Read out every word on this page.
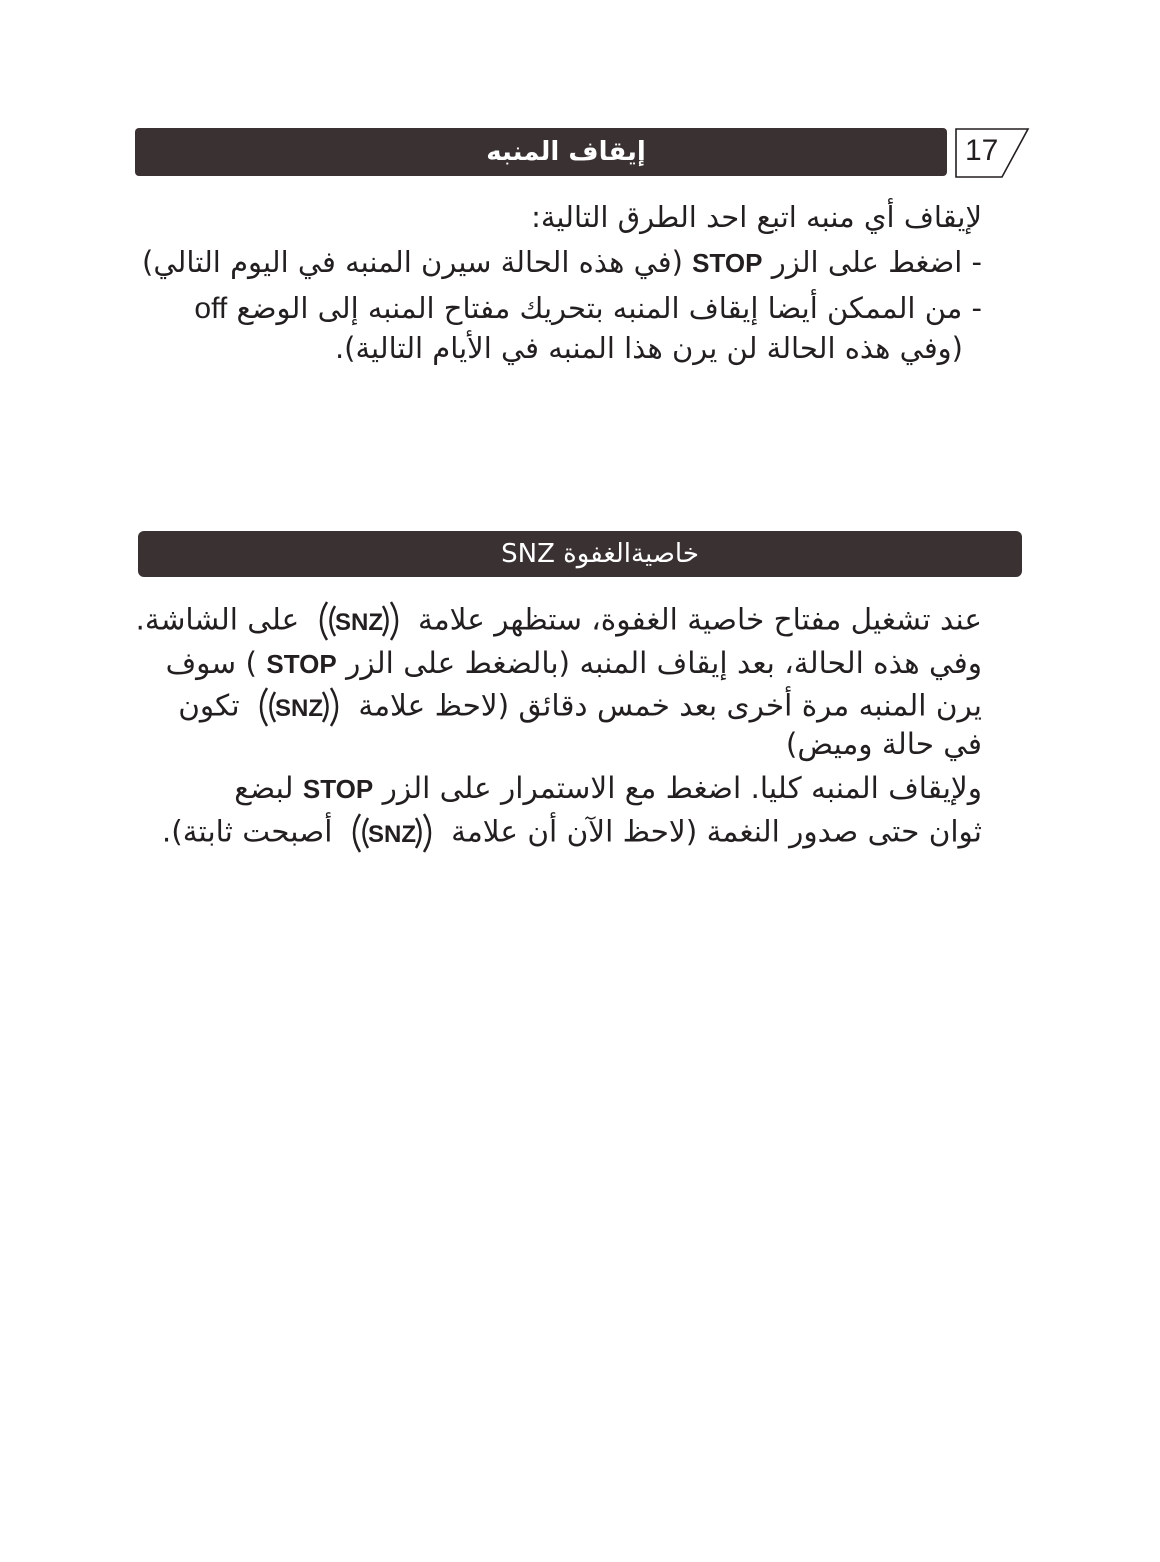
17
إيقاف المنبه
لإيقاف أي منبه اتبع احد الطرق التالية:
- اضغط على الزر STOP (في هذه الحالة سيرن المنبه في اليوم التالي)
- من الممكن أيضا إيقاف المنبه بتحريك مفتاح المنبه إلى الوضع off
(وفي هذه الحالة لن يرن هذا المنبه في الأيام التالية).
خاصيةالغفوة SNZ
عند تشغيل مفتاح خاصية الغفوة، ستظهر علامة
SNZ
على الشاشة.
وفي هذه الحالة، بعد إيقاف المنبه (بالضغط على الزر STOP ) سوف
يرن المنبه مرة أخرى بعد خمس دقائق (لاحظ علامة
SNZ
تكون
في حالة وميض)
ولإيقاف المنبه كليا. اضغط مع الاستمرار على الزر STOP لبضع
ثوان حتى صدور النغمة (لاحظ الآن أن علامة
SNZ
أصبحت ثابتة).
